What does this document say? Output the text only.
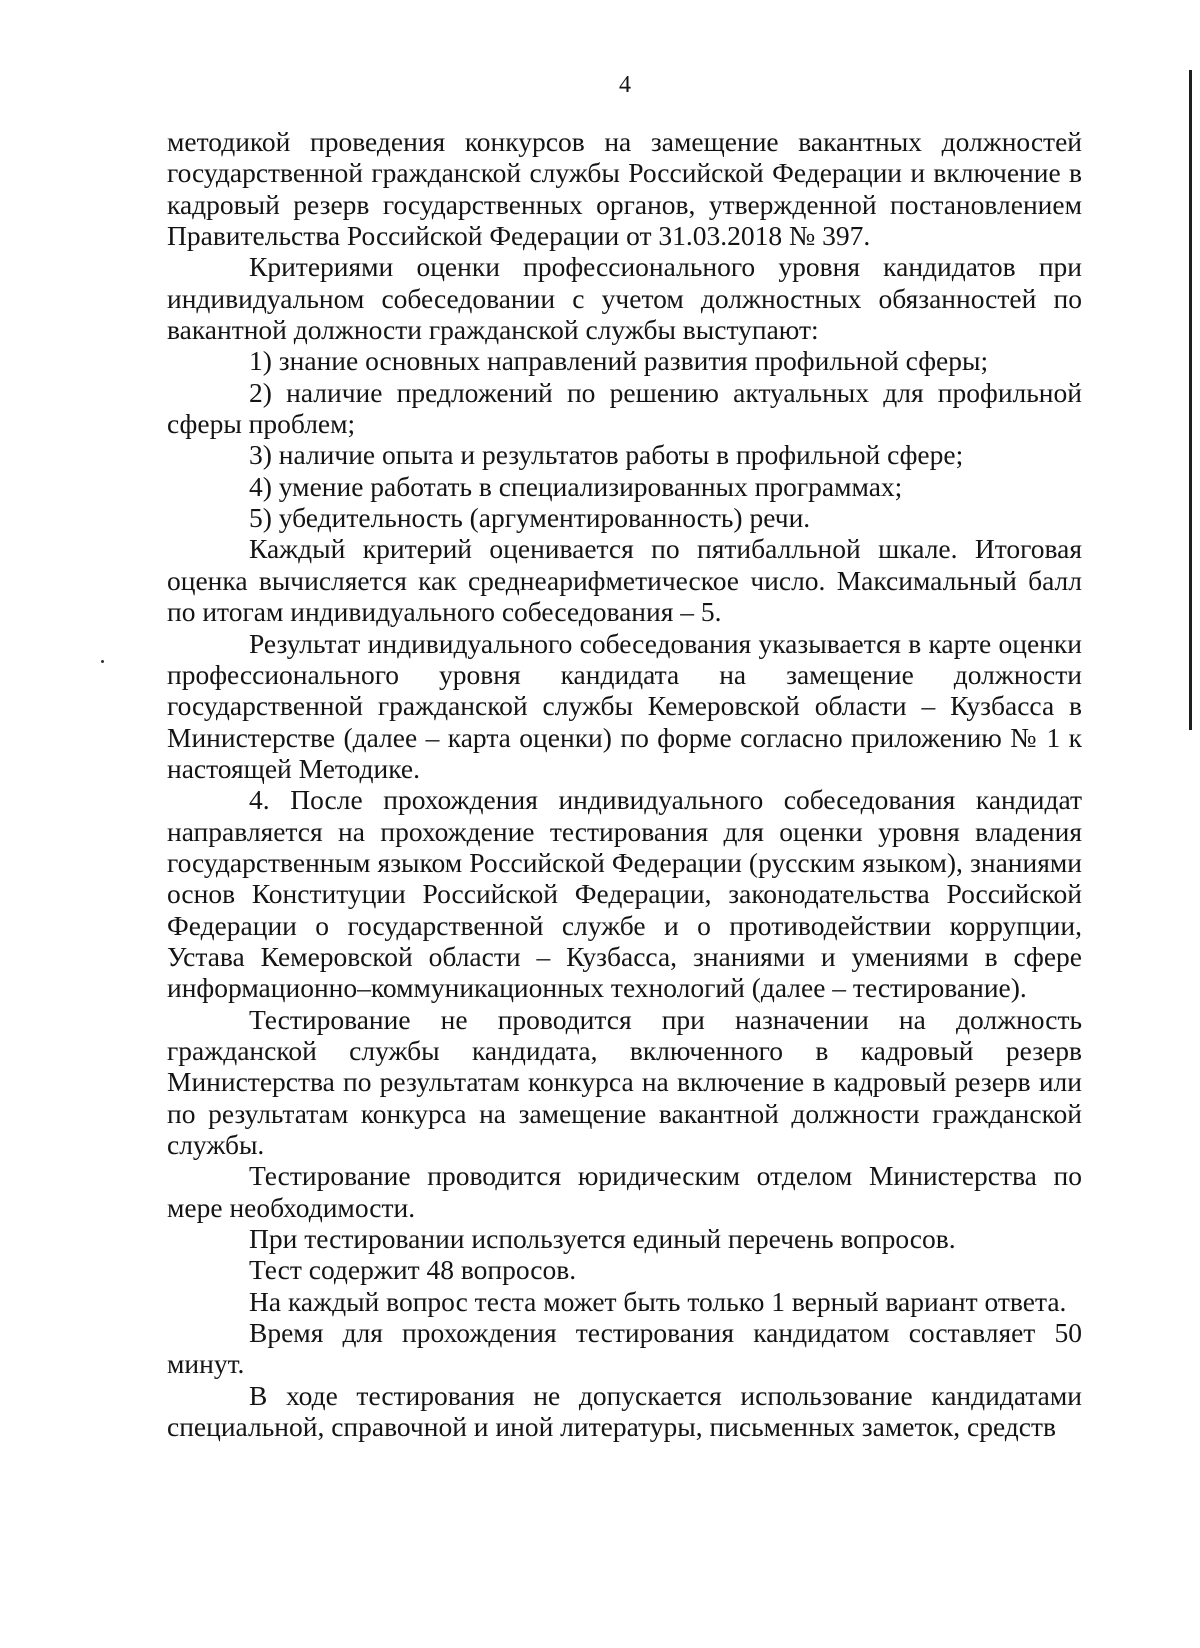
4

методикой проведения конкурсов на замещение вакантных должностей государственной гражданской службы Российской Федерации и включение в кадровый резерв государственных органов, утвержденной постановлением Правительства Российской Федерации от 31.03.2018 № 397.

Критериями оценки профессионального уровня кандидатов при индивидуальном собеседовании с учетом должностных обязанностей по вакантной должности гражданской службы выступают:

1) знание основных направлений развития профильной сферы;

2) наличие предложений по решению актуальных для профильной сферы проблем;

3) наличие опыта и результатов работы в профильной сфере;

4) умение работать в специализированных программах;

5) убедительность (аргументированность) речи.

Каждый критерий оценивается по пятибалльной шкале. Итоговая оценка вычисляется как среднеарифметическое число. Максимальный балл по итогам индивидуального собеседования – 5.

Результат индивидуального собеседования указывается в карте оценки профессионального уровня кандидата на замещение должности государственной гражданской службы Кемеровской области – Кузбасса в Министерстве (далее – карта оценки) по форме согласно приложению № 1 к настоящей Методике.

4. После прохождения индивидуального собеседования кандидат направляется на прохождение тестирования для оценки уровня владения государственным языком Российской Федерации (русским языком), знаниями основ Конституции Российской Федерации, законодательства Российской Федерации о государственной службе и о противодействии коррупции, Устава Кемеровской области – Кузбасса, знаниями и умениями в сфере информационно–коммуникационных технологий (далее – тестирование).

Тестирование не проводится при назначении на должность гражданской службы кандидата, включенного в кадровый резерв Министерства по результатам конкурса на включение в кадровый резерв или по результатам конкурса на замещение вакантной должности гражданской службы.

Тестирование проводится юридическим отделом Министерства по мере необходимости.

При тестировании используется единый перечень вопросов.

Тест содержит 48 вопросов.

На каждый вопрос теста может быть только 1 верный вариант ответа.

Время для прохождения тестирования кандидатом составляет 50 минут.

В ходе тестирования не допускается использование кандидатами специальной, справочной и иной литературы, письменных заметок, средств
